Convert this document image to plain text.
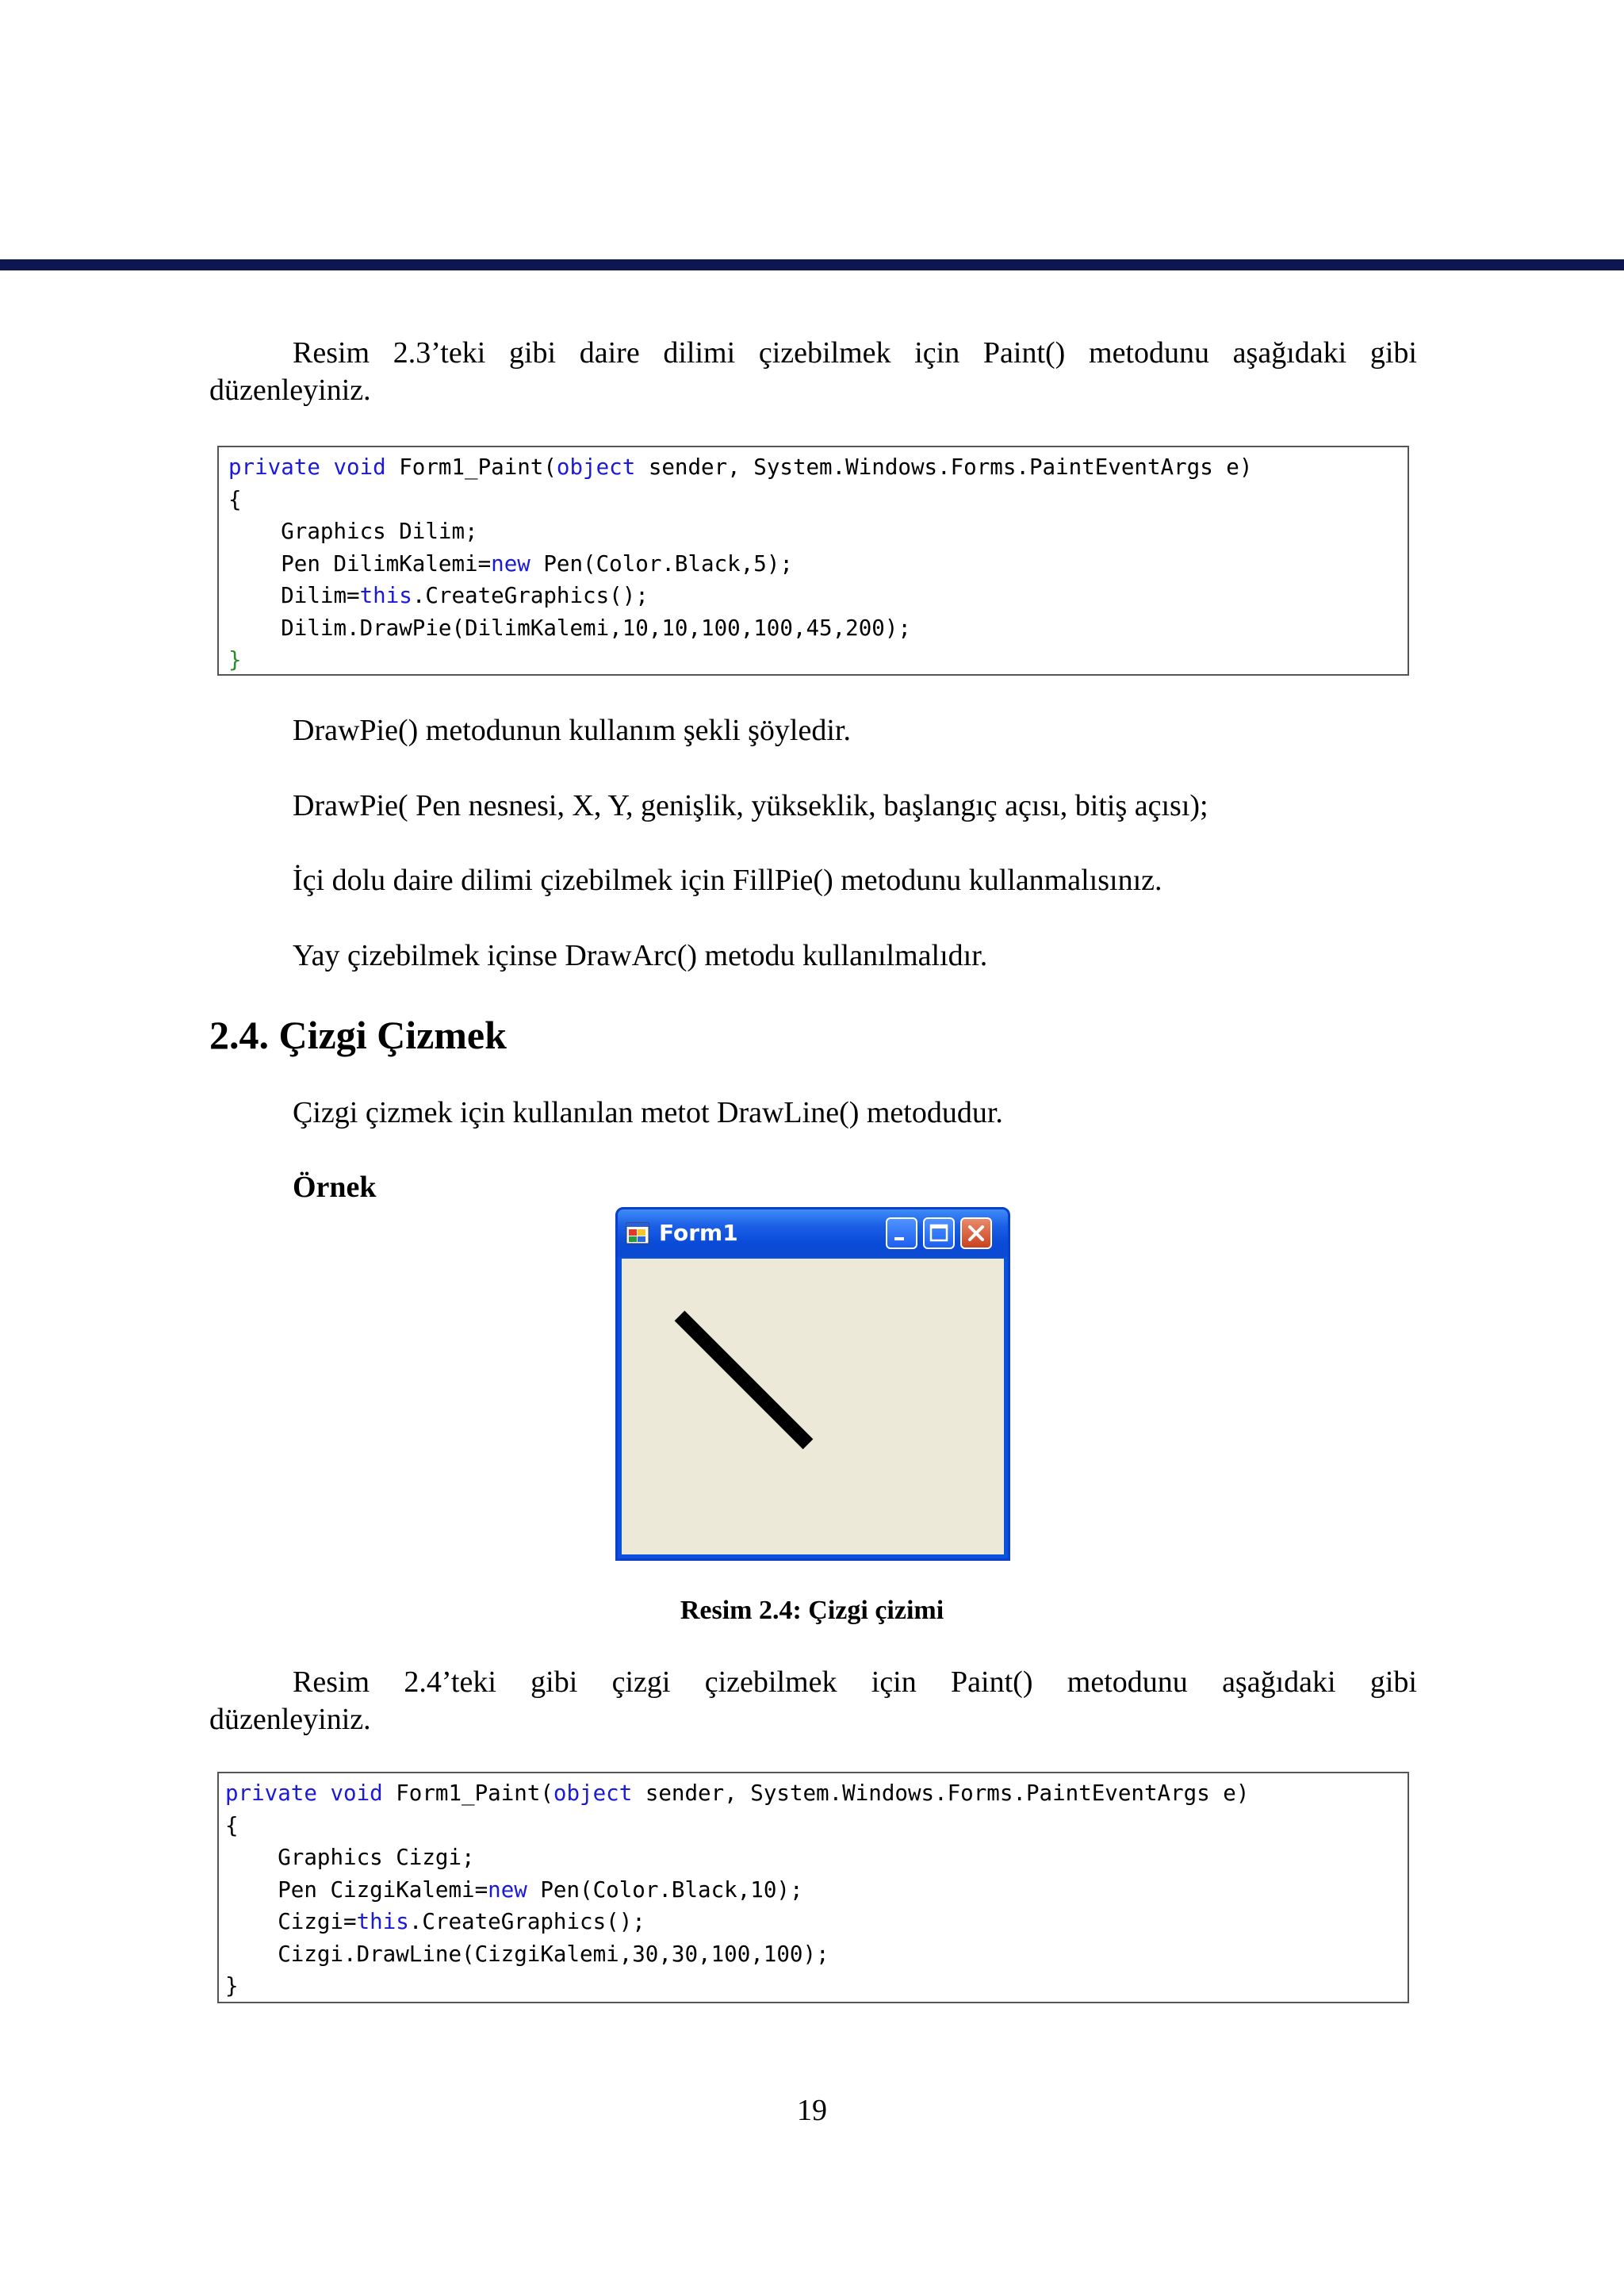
Resim 2.3’teki gibi daire dilimi çizebilmek için Paint() metodunu aşağıdaki gibi
düzenleyiniz.
private void Form1_Paint(object sender, System.Windows.Forms.PaintEventArgs e)
{
Graphics Dilim;
Pen DilimKalemi=new Pen(Color.Black,5);
Dilim=this.CreateGraphics();
Dilim.DrawPie(DilimKalemi,10,10,100,100,45,200);
}
DrawPie() metodunun kullanım şekli şöyledir.
DrawPie( Pen nesnesi, X, Y, genişlik, yükseklik, başlangıç açısı, bitiş açısı);
İçi dolu daire dilimi çizebilmek için FillPie() metodunu kullanmalısınız.
Yay çizebilmek içinse DrawArc() metodu kullanılmalıdır.
2.4. Çizgi Çizmek
Çizgi çizmek için kullanılan metot DrawLine() metodudur.
Örnek
Form1
Resim 2.4: Çizgi çizimi
Resim 2.4’teki gibi çizgi çizebilmek için Paint() metodunu aşağıdaki gibi
düzenleyiniz.
private void Form1_Paint(object sender, System.Windows.Forms.PaintEventArgs e)
{
Graphics Cizgi;
Pen CizgiKalemi=new Pen(Color.Black,10);
Cizgi=this.CreateGraphics();
Cizgi.DrawLine(CizgiKalemi,30,30,100,100);
}
19
